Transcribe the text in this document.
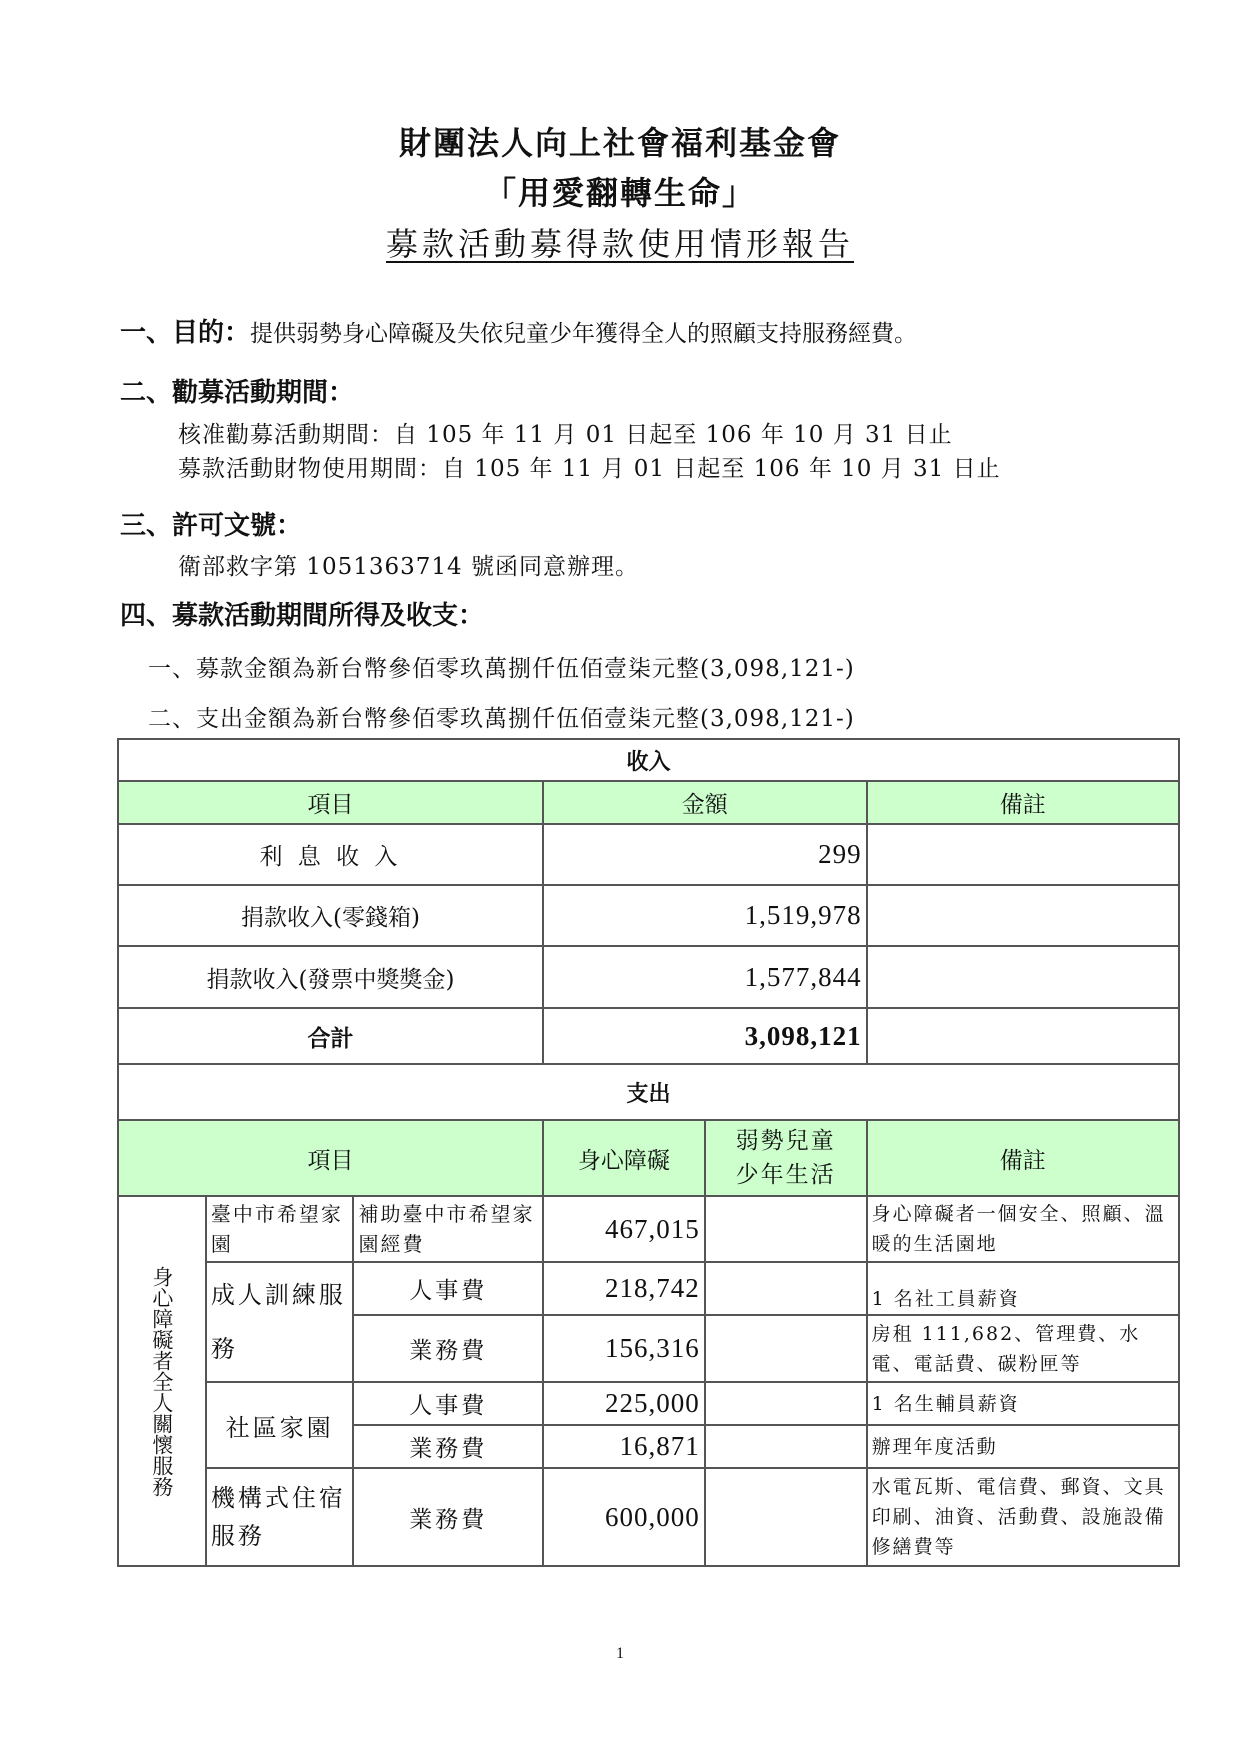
財團法人向上社會福利基金會
「用愛翻轉生命」
募款活動募得款使用情形報告
一、目的：提供弱勢身心障礙及失依兒童少年獲得全人的照顧支持服務經費。
二、勸募活動期間：
核准勸募活動期間：自 105 年 11 月 01 日起至 106 年 10 月 31 日止
募款活動財物使用期間：自 105 年 11 月 01 日起至 106 年 10 月 31 日止
三、許可文號：
衛部救字第 1051363714 號函同意辦理。
四、募款活動期間所得及收支：
一、募款金額為新台幣參佰零玖萬捌仟伍佰壹柒元整(3,098,121-)
二、支出金額為新台幣參佰零玖萬捌仟伍佰壹柒元整(3,098,121-)
收入					
項目			金額		備註
利 息 收 入			299		
捐款收入(零錢箱)			1,519,978		
捐款收入(發票中獎獎金)			1,577,844		
合計			3,098,121		
支出					
項目			身心障礙	弱勢兒童少年生活	備註

身心障礙者全人關懷服務	臺中市希望家園	補助臺中市希望家園經費	467,015		身心障礙者一個安全、照顧、溫暖的生活園地
	成人訓練服務	人事費	218,742		1 名社工員薪資
		業務費	156,316		房租 111,682、管理費、水電、電話費、碳粉匣等
	社區家園	人事費	225,000		1 名生輔員薪資
		業務費	16,871		辦理年度活動
	機構式住宿服務	業務費	600,000		水電瓦斯、電信費、郵資、文具印刷、油資、活動費、設施設備修繕費等
1
